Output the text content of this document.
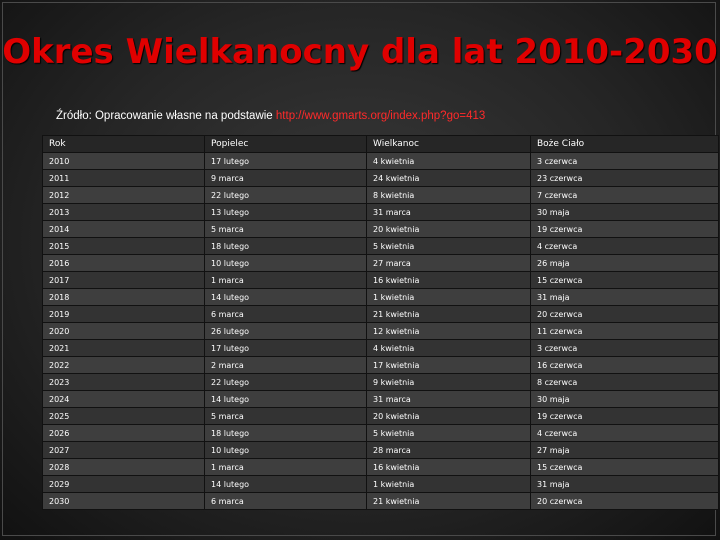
Okres Wielkanocny dla lat 2010-2030
Źródło: Opracowanie własne na podstawie http://www.gmarts.org/index.php?go=413
Rok	Popielec	Wielkanoc	Boże Ciało
2010	17 lutego	4 kwietnia	3 czerwca
2011	9 marca	24 kwietnia	23 czerwca
2012	22 lutego	8 kwietnia	7 czerwca
2013	13 lutego	31 marca	30 maja
2014	5 marca	20 kwietnia	19 czerwca
2015	18 lutego	5 kwietnia	4 czerwca
2016	10 lutego	27 marca	26 maja
2017	1 marca	16 kwietnia	15 czerwca
2018	14 lutego	1 kwietnia	31 maja
2019	6 marca	21 kwietnia	20 czerwca
2020	26 lutego	12 kwietnia	11 czerwca
2021	17 lutego	4 kwietnia	3 czerwca
2022	2 marca	17 kwietnia	16 czerwca
2023	22 lutego	9 kwietnia	8 czerwca
2024	14 lutego	31 marca	30 maja
2025	5 marca	20 kwietnia	19 czerwca
2026	18 lutego	5 kwietnia	4 czerwca
2027	10 lutego	28 marca	27 maja
2028	1 marca	16 kwietnia	15 czerwca
2029	14 lutego	1 kwietnia	31 maja
2030	6 marca	21 kwietnia	20 czerwca
